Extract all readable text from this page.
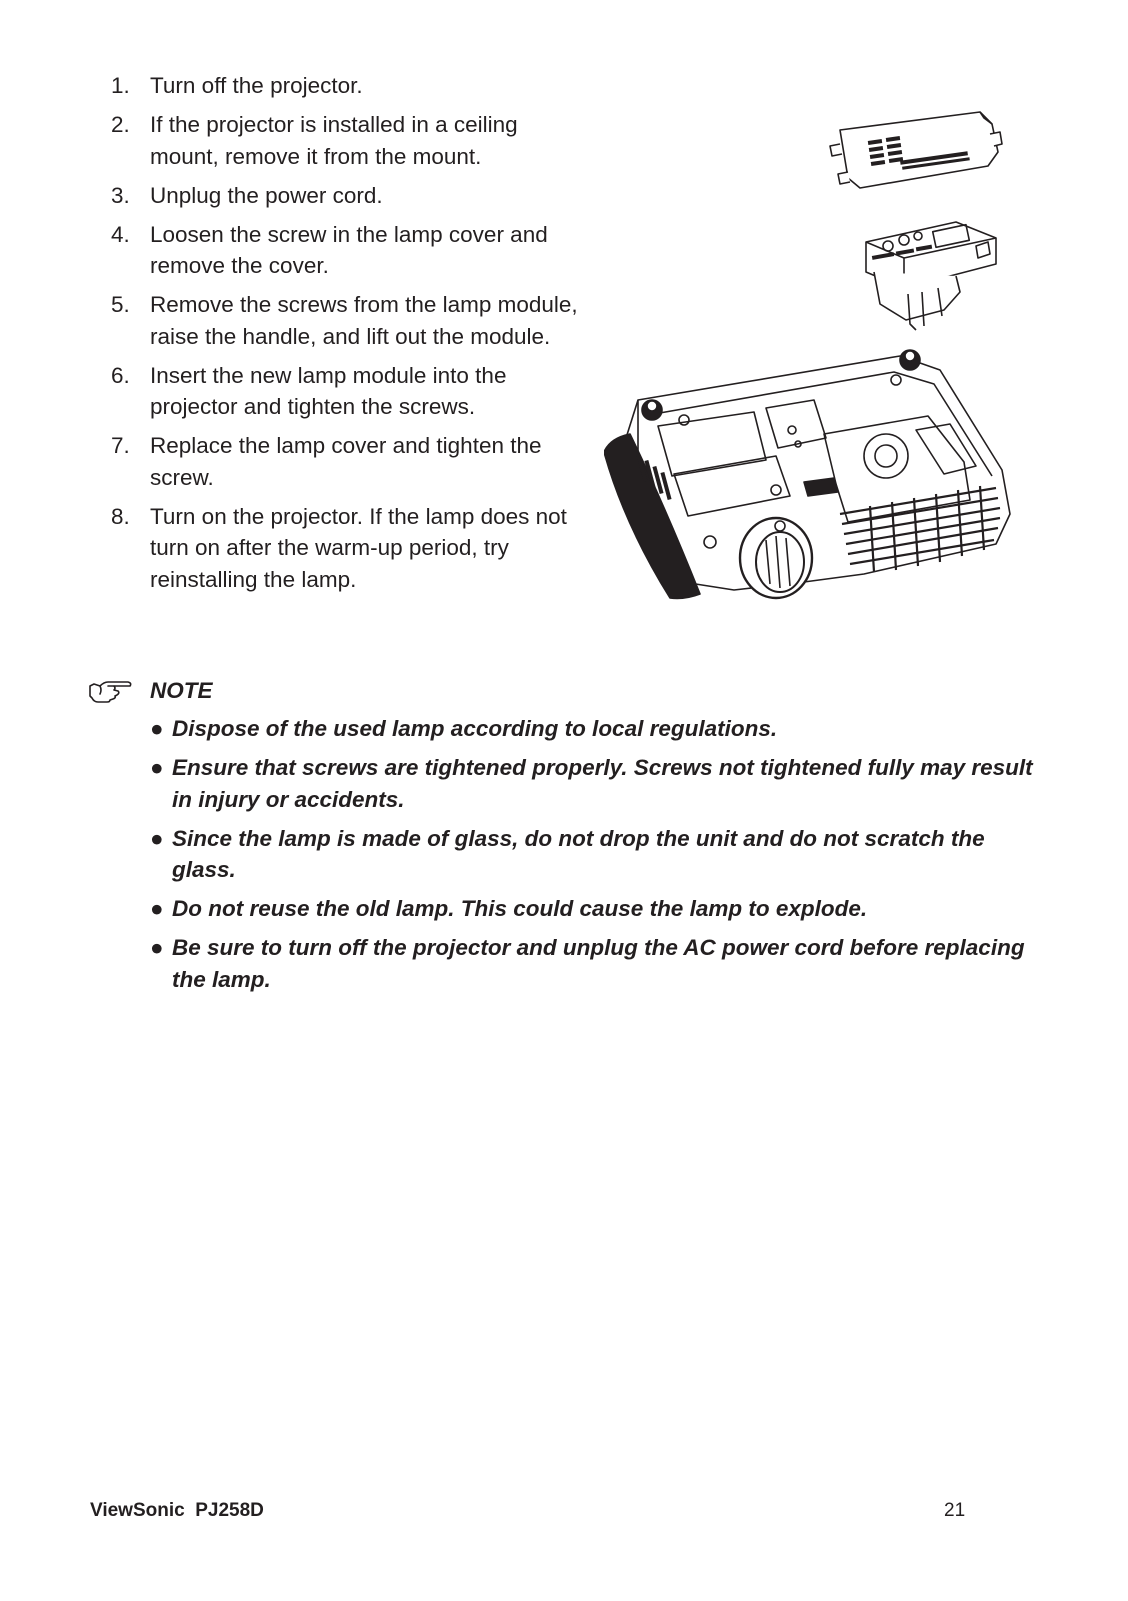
1. Turn off the projector.
2. If the projector is installed in a ceiling mount, remove it from the mount.
3. Unplug the power cord.
4. Loosen the screw in the lamp cover and remove the cover.
5. Remove the screws from the lamp module, raise the handle, and lift out the module.
6. Insert the new lamp module into the projector and tighten the screws.
7. Replace the lamp cover and tighten the screw.
8. Turn on the projector. If the lamp does not turn on after the warm-up period, try reinstalling the lamp.
NOTE
● Dispose of the used lamp according to local regulations.
● Ensure that screws are tightened properly. Screws not tightened fully may result in injury or accidents.
● Since the lamp is made of glass, do not drop the unit and do not scratch the glass.
● Do not reuse the old lamp. This could cause the lamp to explode.
● Be sure to turn off the projector and unplug the AC power cord before replacing the lamp.
ViewSonic  PJ258D	21
